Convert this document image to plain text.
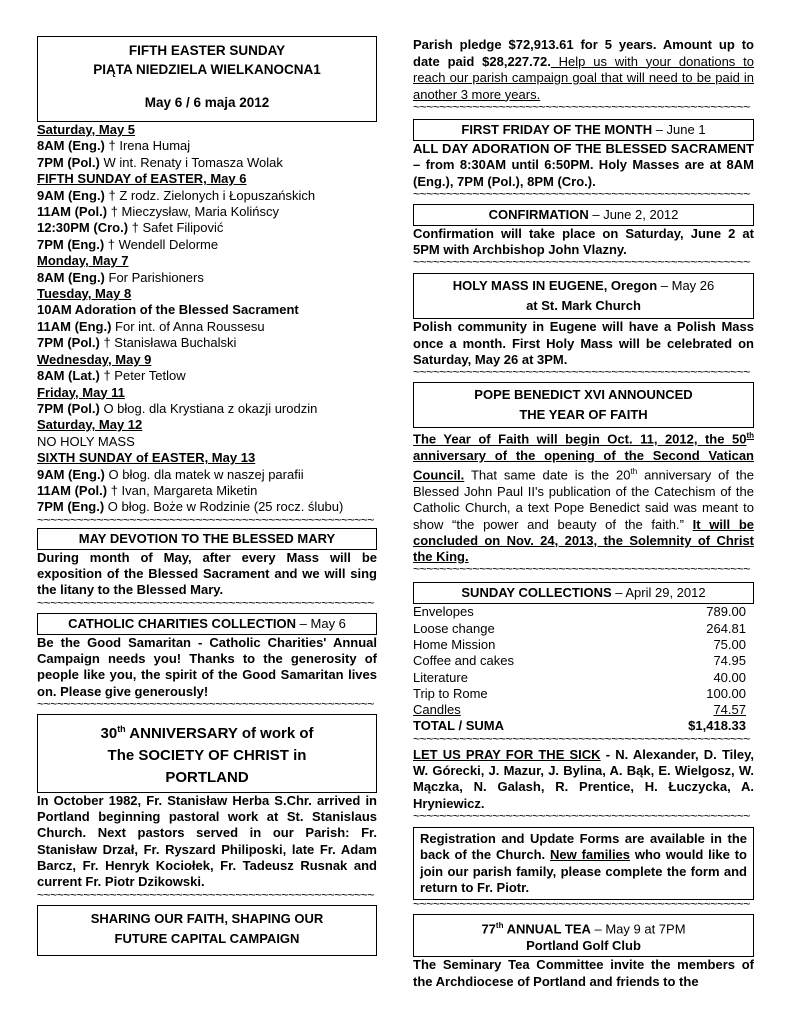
FIFTH EASTER SUNDAY
PIĄTA NIEDZIELA WIELKANOCNA1
May 6 / 6 maja 2012
Saturday, May 5
8AM (Eng.) † Irena Humaj
7PM (Pol.) W int. Renaty i Tomasza Wolak
FIFTH SUNDAY of EASTER, May 6
9AM (Eng.) † Z rodz. Zielonych i Łopuszańskich
11AM (Pol.) † Mieczysław, Maria Kolińscy
12:30PM (Cro.) † Safet Filipović
7PM (Eng.) † Wendell Delorme
Monday, May 7
8AM (Eng.) For Parishioners
Tuesday, May 8
10AM Adoration of the Blessed Sacrament
11AM (Eng.) For int. of Anna Roussesu
7PM (Pol.) † Stanisława Buchalski
Wednesday, May 9
8AM (Lat.) † Peter Tetlow
Friday, May 11
7PM (Pol.) O błog. dla Krystiana z okazji urodzin
Saturday, May 12
NO HOLY MASS
SIXTH SUNDAY of EASTER, May 13
9AM (Eng.) O błog. dla matek w naszej parafii
11AM (Pol.) † Ivan, Margareta Miketin
7PM (Eng.) O błog. Boże w Rodzinie (25 rocz. ślubu)
~~~~~~~~~~~~~~~~~~~~~~~~~~~~~~~~~~~~~~~~~~~~~~~~~~~
MAY DEVOTION TO THE BLESSED MARY
During month of May, after every Mass will be exposition of the Blessed Sacrament and we will sing the litany to the Blessed Mary.
~~~~~~~~~~~~~~~~~~~~~~~~~~~~~~~~~~~~~~~~~~~~~~~~~~~
CATHOLIC CHARITIES COLLECTION – May 6
Be the Good Samaritan - Catholic Charities' Annual Campaign needs you! Thanks to the generosity of people like you, the spirit of the Good Samaritan lives on. Please give generously!
~~~~~~~~~~~~~~~~~~~~~~~~~~~~~~~~~~~~~~~~~~~~~~~~~~~
30th ANNIVERSARY of work of
The SOCIETY OF CHRIST in
PORTLAND
In October 1982, Fr. Stanisław Herba S.Chr. arrived in Portland beginning pastoral work at St. Stanislaus Church. Next pastors served in our Parish: Fr. Stanisław Drzał, Fr. Ryszard Philiposki, late Fr. Adam Barcz, Fr. Henryk Kociołek, Fr. Tadeusz Rusnak and current Fr. Piotr Dzikowski.
~~~~~~~~~~~~~~~~~~~~~~~~~~~~~~~~~~~~~~~~~~~~~~~~~~~
SHARING OUR FAITH, SHAPING OUR
FUTURE CAPITAL CAMPAIGN
Parish pledge $72,913.61 for 5 years. Amount up to date paid $28,227.72. Help us with your donations to reach our parish campaign goal that will need to be paid in another 3 more years.
~~~~~~~~~~~~~~~~~~~~~~~~~~~~~~~~~~~~~~~~~~~~~~~~~~~
FIRST FRIDAY OF THE MONTH – June 1
ALL DAY ADORATION OF THE BLESSED SACRAMENT – from 8:30AM until 6:50PM. Holy Masses are at 8AM (Eng.), 7PM (Pol.), 8PM (Cro.).
~~~~~~~~~~~~~~~~~~~~~~~~~~~~~~~~~~~~~~~~~~~~~~~~~~~
CONFIRMATION – June 2, 2012
Confirmation will take place on Saturday, June 2 at 5PM with Archbishop John Vlazny.
~~~~~~~~~~~~~~~~~~~~~~~~~~~~~~~~~~~~~~~~~~~~~~~~~~~
HOLY MASS IN EUGENE, Oregon – May 26
at St. Mark Church
Polish community in Eugene will have a Polish Mass once a month. First Holy Mass will be celebrated on Saturday, May 26 at 3PM.
~~~~~~~~~~~~~~~~~~~~~~~~~~~~~~~~~~~~~~~~~~~~~~~~~~~
POPE BENEDICT XVI ANNOUNCED
THE YEAR OF FAITH
The Year of Faith will begin Oct. 11, 2012, the 50th anniversary of the opening of the Second Vatican Council. That same date is the 20th anniversary of the Blessed John Paul II's publication of the Catechism of the Catholic Church, a text Pope Benedict said was meant to show “the power and beauty of the faith.” It will be concluded on Nov. 24, 2013, the Solemnity of Christ the King.
~~~~~~~~~~~~~~~~~~~~~~~~~~~~~~~~~~~~~~~~~~~~~~~~~~~
SUNDAY COLLECTIONS – April 29, 2012
Envelopes	789.00
Loose change	264.81
Home Mission	75.00
Coffee and cakes	74.95
Literature	40.00
Trip to Rome	100.00
Candles	74.57
TOTAL / SUMA	$1,418.33
~~~~~~~~~~~~~~~~~~~~~~~~~~~~~~~~~~~~~~~~~~~~~~~~~~~
LET US PRAY FOR THE SICK - N. Alexander, D. Tiley, W. Górecki, J. Mazur, J. Bylina, A. Bąk, E. Wielgosz, W. Mączka, N. Galash, R. Prentice, H. Łuczycka, A. Hryniewicz.
~~~~~~~~~~~~~~~~~~~~~~~~~~~~~~~~~~~~~~~~~~~~~~~~~~~
Registration and Update Forms are available in the back of the Church. New families who would like to join our parish family, please complete the form and return to Fr. Piotr.
~~~~~~~~~~~~~~~~~~~~~~~~~~~~~~~~~~~~~~~~~~~~~~~~~~~
77th ANNUAL TEA – May 9 at 7PM
Portland Golf Club
The Seminary Tea Committee invite the members of the Archdiocese of Portland and friends to the
